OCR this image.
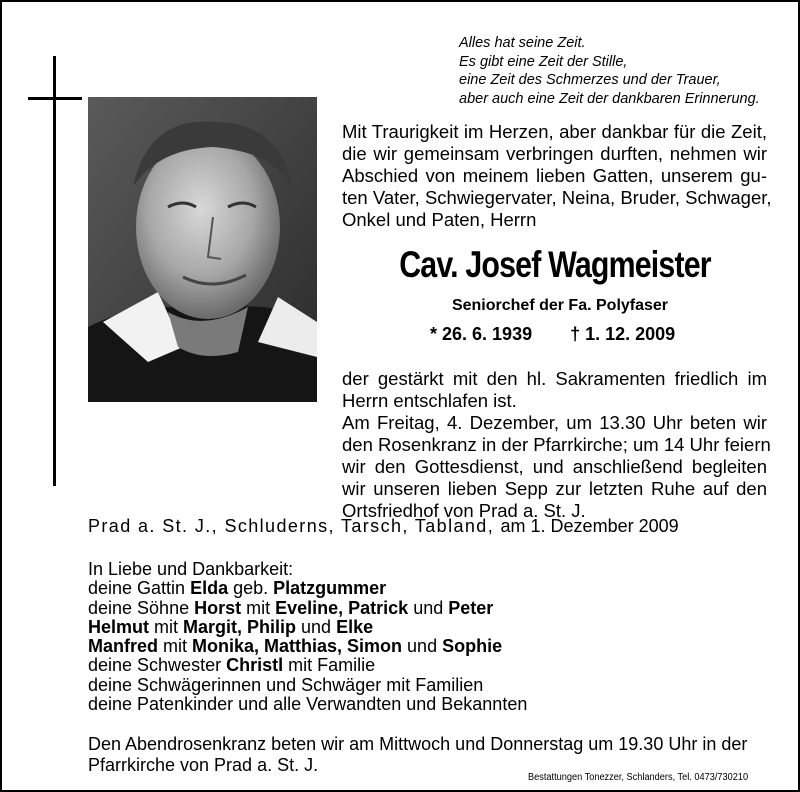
Alles hat seine Zeit.
Es gibt eine Zeit der Stille,
eine Zeit des Schmerzes und der Trauer,
aber auch eine Zeit der dankbaren Erinnerung.
Mit Traurigkeit im Herzen, aber dankbar für die Zeit,
die wir gemeinsam verbringen durften, nehmen wir
Abschied von meinem lieben Gatten, unserem gu-
ten Vater, Schwiegervater, Neina, Bruder, Schwager,
Onkel und Paten, Herrn
Cav. Josef Wagmeister
Seniorchef der Fa. Polyfaser
* 26. 6. 1939 † 1. 12. 2009
der gestärkt mit den hl. Sakramenten friedlich im
Herrn entschlafen ist.
Am Freitag, 4. Dezember, um 13.30 Uhr beten wir
den Rosenkranz in der Pfarrkirche; um 14 Uhr feiern
wir den Gottesdienst, und anschließend begleiten
wir unseren lieben Sepp zur letzten Ruhe auf den
Ortsfriedhof von Prad a. St. J.
Prad a. St. J., Schluderns, Tarsch, Tabland, am 1. Dezember 2009
In Liebe und Dankbarkeit:
deine Gattin Elda geb. Platzgummer
deine Söhne Horst mit Eveline, Patrick und Peter
Helmut mit Margit, Philip und Elke
Manfred mit Monika, Matthias, Simon und Sophie
deine Schwester Christl mit Familie
deine Schwägerinnen und Schwäger mit Familien
deine Patenkinder und alle Verwandten und Bekannten
Den Abendrosenkranz beten wir am Mittwoch und Donnerstag um 19.30 Uhr in der
Pfarrkirche von Prad a. St. J.
Bestattungen Tonezzer, Schlanders, Tel. 0473/730210
